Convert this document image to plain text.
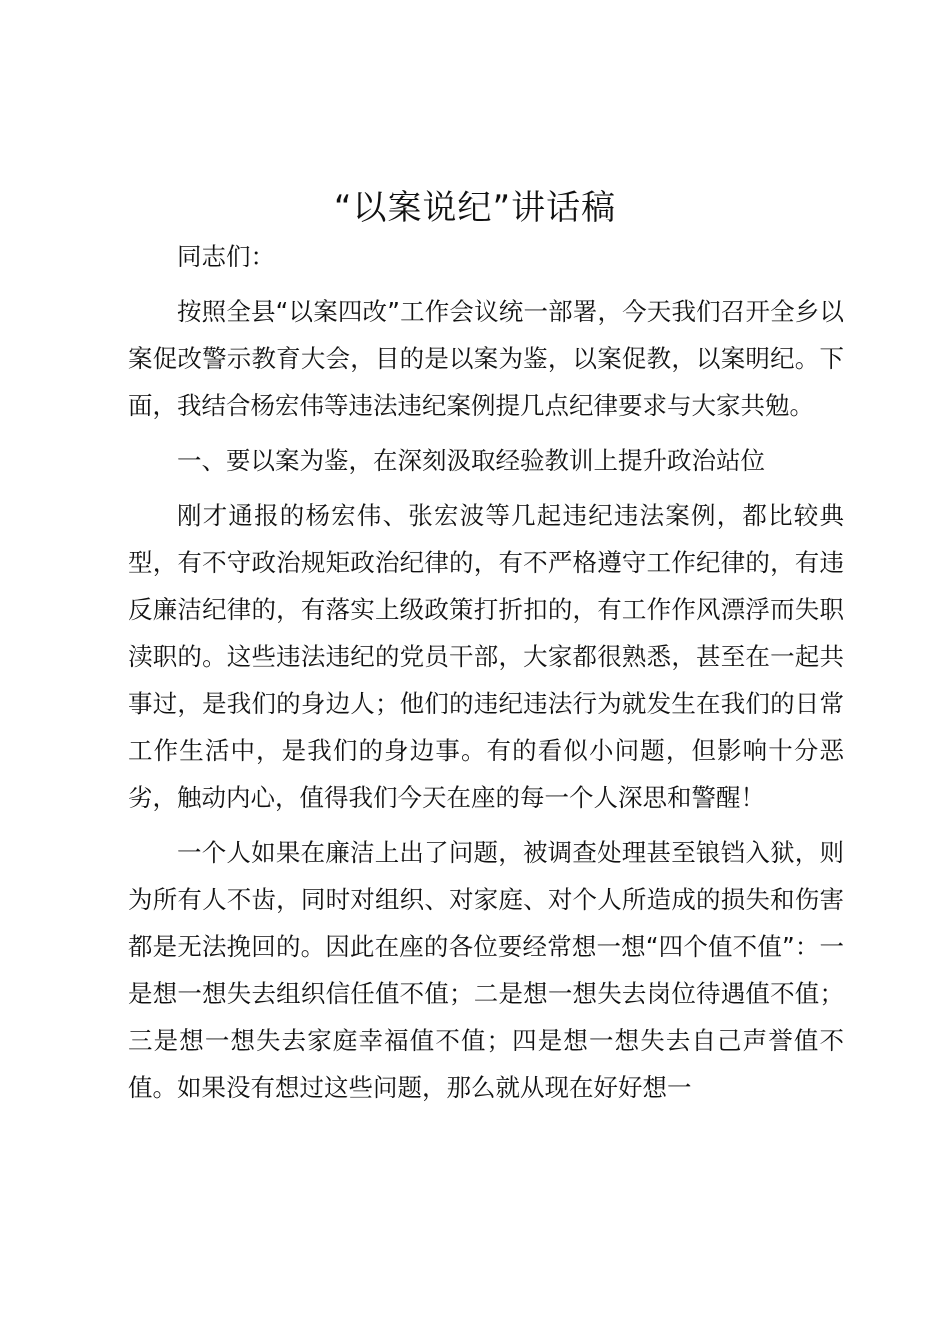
“以案说纪”讲话稿

同志们：

按照全县“以案四改”工作会议统一部署，今天我们召开全乡以案促改警示教育大会，目的是以案为鉴，以案促教，以案明纪。下面，我结合杨宏伟等违法违纪案例提几点纪律要求与大家共勉。

一、要以案为鉴，在深刻汲取经验教训上提升政治站位

刚才通报的杨宏伟、张宏波等几起违纪违法案例，都比较典型，有不守政治规矩政治纪律的，有不严格遵守工作纪律的，有违反廉洁纪律的，有落实上级政策打折扣的，有工作作风漂浮而失职渎职的。这些违法违纪的党员干部，大家都很熟悉，甚至在一起共事过，是我们的身边人；他们的违纪违法行为就发生在我们的日常工作生活中，是我们的身边事。有的看似小问题，但影响十分恶劣，触动内心，值得我们今天在座的每一个人深思和警醒！

一个人如果在廉洁上出了问题，被调查处理甚至锒铛入狱，则为所有人不齿，同时对组织、对家庭、对个人所造成的损失和伤害都是无法挽回的。因此在座的各位要经常想一想“四个值不值”：一是想一想失去组织信任值不值；二是想一想失去岗位待遇值不值；三是想一想失去家庭幸福值不值；四是想一想失去自己声誉值不值。如果没有想过这些问题，那么就从现在好好想一
